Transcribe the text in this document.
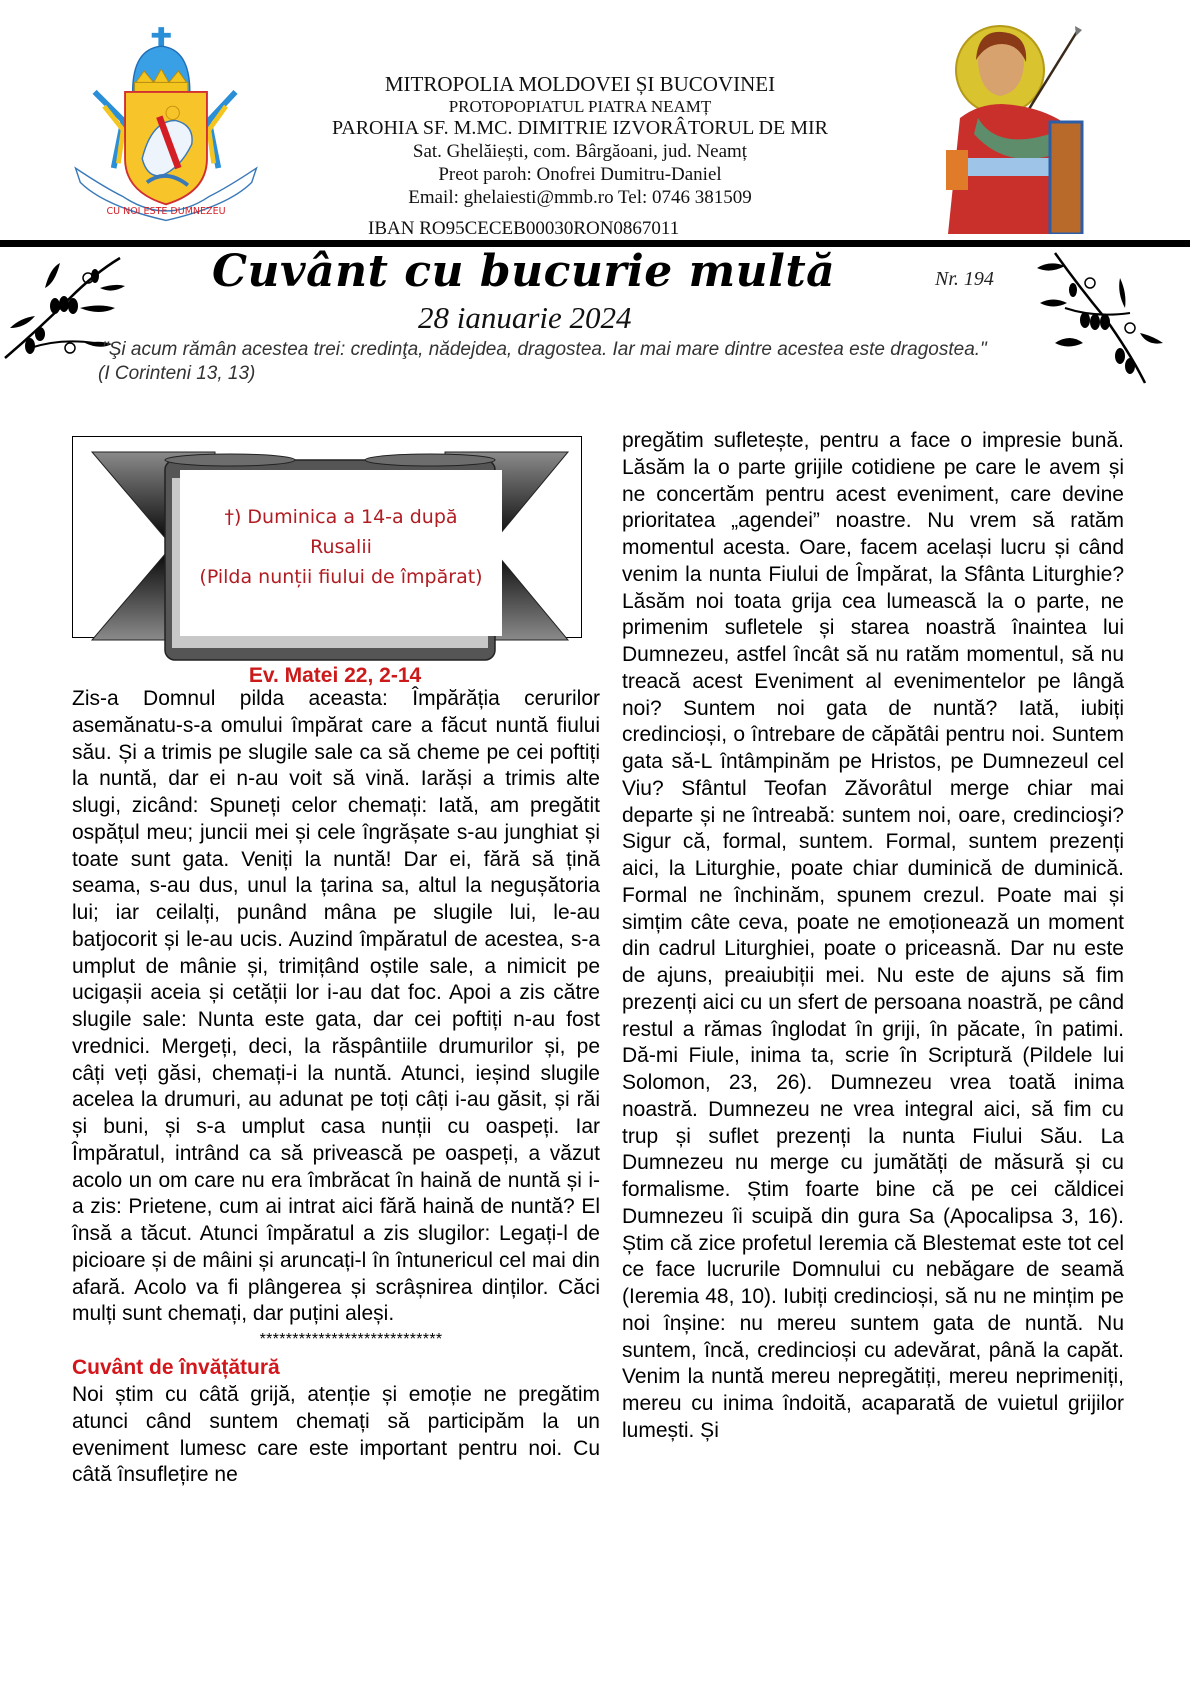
CU NOI ESTE DUMNEZEU
MITROPOLIA MOLDOVEI ȘI BUCOVINEI
PROTOPOPIATUL PIATRA NEAMȚ
PAROHIA SF. M.MC. DIMITRIE IZVORÂTORUL DE MIR
Sat. Ghelăiești, com. Bârgăoani, jud. Neamț
Preot paroh: Onofrei Dumitru-Daniel
Email: ghelaiesti@mmb.ro Tel: 0746 381509
IBAN RO95CECEB00030RON0867011
Cuvânt cu bucurie multă	Nr. 194
28 ianuarie 2024
"Şi acum rămân acestea trei: credinţa, nădejdea, dragostea. Iar mai mare dintre acestea este dragostea."(I Corinteni 13, 13)
†) Duminica a 14-a după
Rusalii
(Pilda nunții fiului de împărat)
Ev. Matei 22, 2-14

Zis-a Domnul pilda aceasta: Împărăția cerurilor asemănatu-s-a omului împărat care a făcut nuntă fiului său. Și a trimis pe slugile sale ca să cheme pe cei poftiți la nuntă, dar ei n-au voit să vină. Iarăși a trimis alte slugi, zicând: Spuneți celor chemați: Iată, am pregătit ospățul meu; juncii mei și cele îngrășate s-au junghiat și toate sunt gata. Veniți la nuntă! Dar ei, fără să țină seama, s-au dus, unul la țarina sa, altul la negușătoria lui; iar ceilalți, punând mâna pe slugile lui, le-au batjocorit și le-au ucis. Auzind împăratul de acestea, s-a umplut de mânie și, trimițând oștile sale, a nimicit pe ucigașii aceia și cetății lor i-au dat foc. Apoi a zis către slugile sale: Nunta este gata, dar cei poftiți n-au fost vrednici. Mergeți, deci, la răspântiile drumurilor și, pe câți veți găsi, chemați-i la nuntă. Atunci, ieșind slugile acelea la drumuri, au adunat pe toți câți i-au găsit, și răi și buni, și s-a umplut casa nunții cu oaspeți. Iar Împăratul, intrând ca să privească pe oaspeți, a văzut acolo un om care nu era îmbrăcat în haină de nuntă și i-a zis: Prietene, cum ai intrat aici fără haină de nuntă? El însă a tăcut. Atunci împăratul a zis slugilor: Legați-l de picioare și de mâini și aruncați-l în întunericul cel mai din afară. Acolo va fi plângerea și scrâșnirea dinților. Căci mulți sunt chemați, dar puțini aleși.

****************************
Cuvânt de învățătură

Noi știm cu câtă grijă, atenție și emoție ne pregătim atunci când suntem chemați să participăm la un eveniment lumesc care este important pentru noi. Cu câtă însuflețire ne

pregătim sufletește, pentru a face o impresie bună. Lăsăm la o parte grijile cotidiene pe care le avem și ne concertăm pentru acest eveniment, care devine prioritatea „agendei” noastre. Nu vrem să ratăm momentul acesta. Oare, facem același lucru și când venim la nunta Fiului de Împărat, la Sfânta Liturghie? Lăsăm noi toata grija cea lumească la o parte, ne primenim sufletele și starea noastră înaintea lui Dumnezeu, astfel încât să nu ratăm momentul, să nu treacă acest Eveniment al evenimentelor pe lângă noi? Suntem noi gata de nuntă? Iată, iubiți credincioși, o întrebare de căpătâi pentru noi. Suntem gata să-L întâmpinăm pe Hristos, pe Dumnezeul cel Viu? Sfântul Teofan Zăvorâtul merge chiar mai departe și ne întreabă: suntem noi, oare, credincioşi? Sigur că, formal, suntem. Formal, suntem prezenți aici, la Liturghie, poate chiar duminică de duminică. Formal ne închinăm, spunem crezul. Poate mai și simțim câte ceva, poate ne emoționează un moment din cadrul Liturghiei, poate o priceasnă. Dar nu este de ajuns, preaiubiții mei. Nu este de ajuns să fim prezenți aici cu un sfert de persoana noastră, pe când restul a rămas înglodat în griji, în păcate, în patimi. Dă-mi Fiule, inima ta, scrie în Scriptură (Pildele lui Solomon, 23, 26). Dumnezeu vrea toată inima noastră. Dumnezeu ne vrea integral aici, să fim cu trup și suflet prezenți la nunta Fiului Său. La Dumnezeu nu merge cu jumătăți de măsură și cu formalisme. Știm foarte bine că pe cei căldicei Dumnezeu îi scuipă din gura Sa (Apocalipsa 3, 16). Știm că zice profetul Ieremia că Blestemat este tot cel ce face lucrurile Domnului cu nebăgare de seamă (Ieremia 48, 10). Iubiți credincioși, să nu ne mințim pe noi înșine: nu mereu suntem gata de nuntă. Nu suntem, încă, credincioși cu adevărat, până la capăt. Venim la nuntă mereu nepregătiți, mereu neprimeniți, mereu cu inima îndoită, acaparată de vuietul grijilor lumești. Și
